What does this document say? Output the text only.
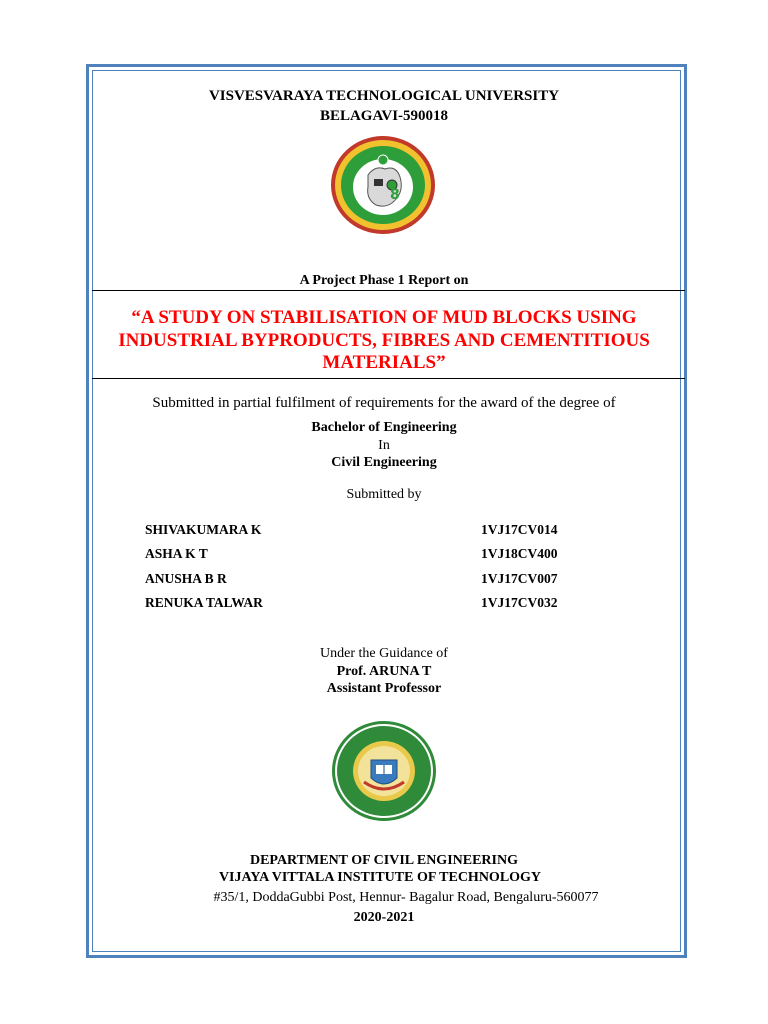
VISVESVARAYA TECHNOLOGICAL UNIVERSITY
BELAGAVI-590018
8
A Project Phase 1 Report on
“A STUDY ON STABILISATION OF MUD BLOCKS USING
INDUSTRIAL BYPRODUCTS, FIBRES AND CEMENTITIOUS
MATERIALS”
Submitted in partial fulfilment of requirements for the award of the degree of
Bachelor of Engineering
In
Civil Engineering
Submitted by
SHIVAKUMARA K	1VJ17CV014
ASHA K T	1VJ18CV400
ANUSHA B R	1VJ17CV007
RENUKA TALWAR	1VJ17CV032
Under the Guidance of
Prof. ARUNA T
Assistant Professor
DEPARTMENT OF CIVIL ENGINEERING
VIJAYA VITTALA INSTITUTE OF TECHNOLOGY
#35/1, DoddaGubbi Post, Hennur- Bagalur Road, Bengaluru-560077
2020-2021
